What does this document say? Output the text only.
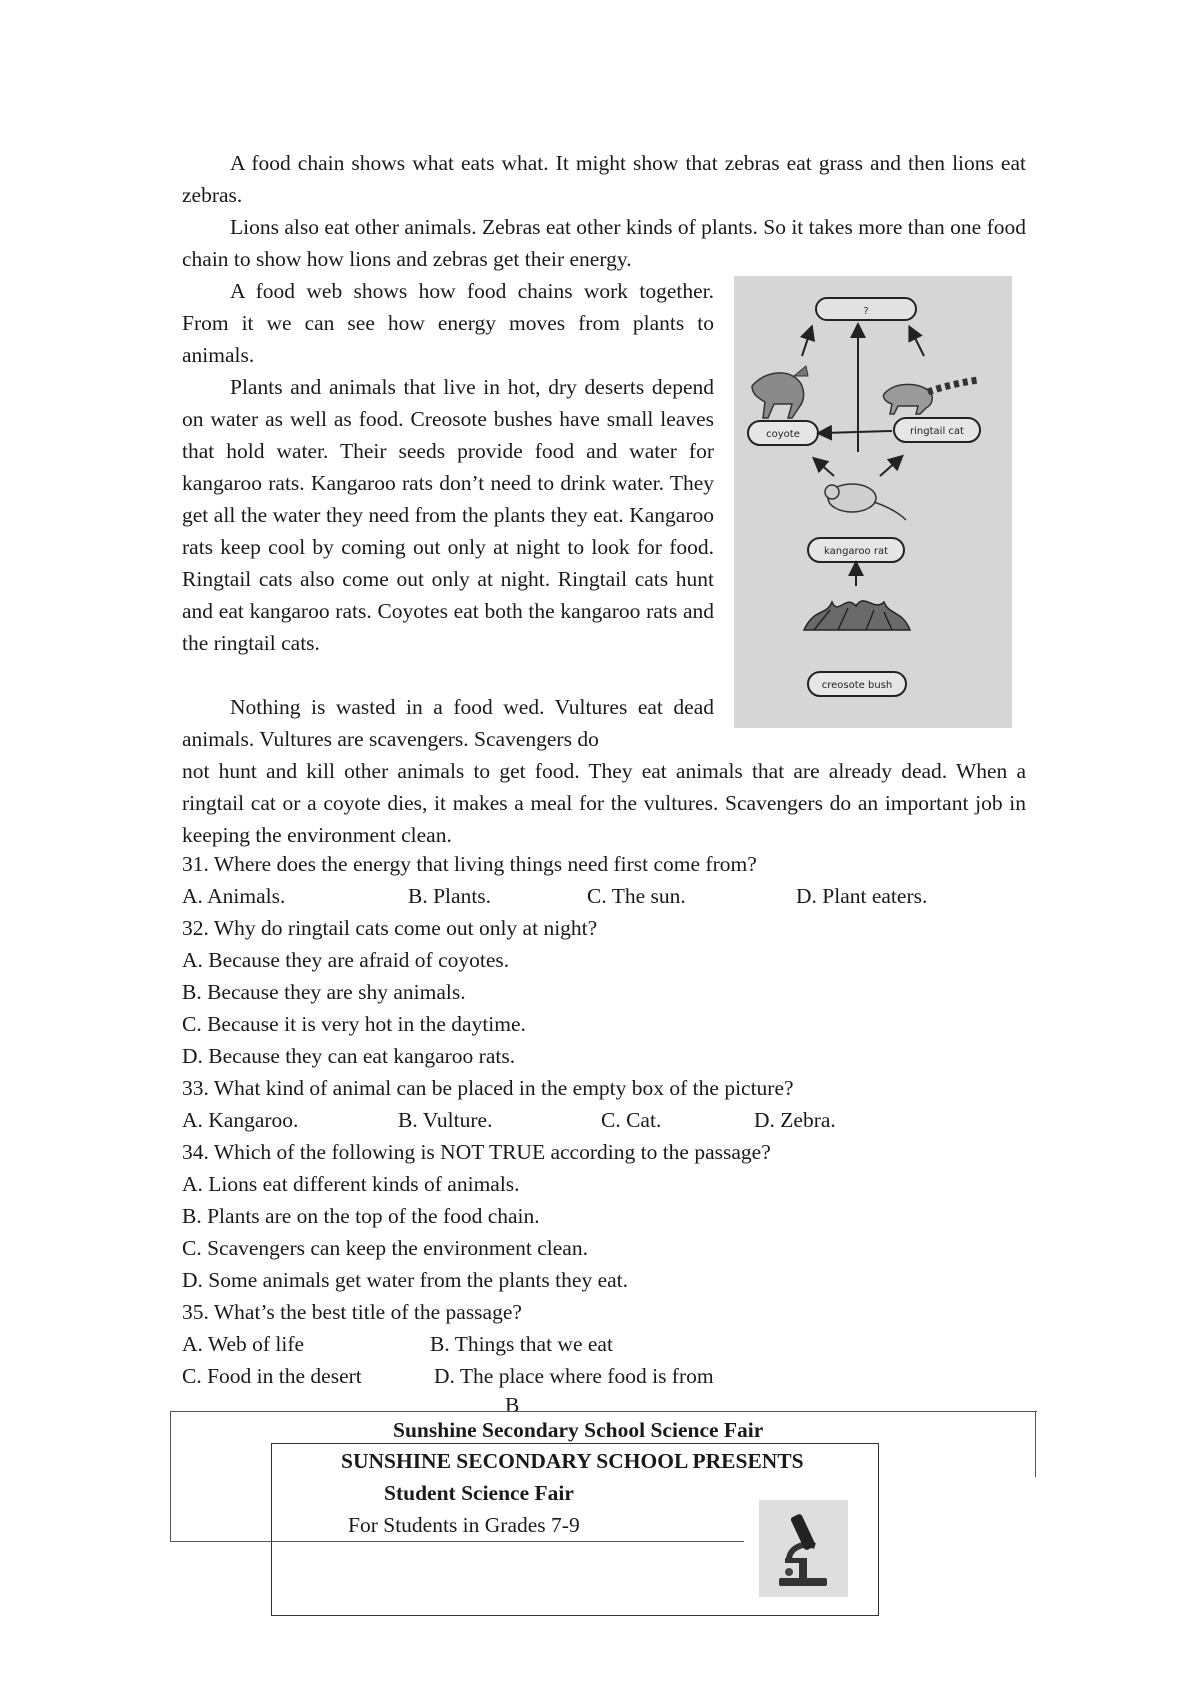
A food chain shows what eats what. It might show that zebras eat grass and then lions eat zebras.

Lions also eat other animals. Zebras eat other kinds of plants. So it takes more than one food chain to show how lions and zebras get their energy.

A food web shows how food chains work together. From it we can see how energy moves from plants to animals.

Plants and animals that live in hot, dry deserts depend on water as well as food. Creosote bushes have small leaves that hold water. Their seeds provide food and water for kangaroo rats. Kangaroo rats don’t need to drink water. They get all the water they need from the plants they eat. Kangaroo rats keep cool by coming out only at night to look for food. Ringtail cats also come out only at night. Ringtail cats hunt and eat kangaroo rats. Coyotes eat both the kangaroo rats and the ringtail cats.

Nothing is wasted in a food wed. Vultures eat dead animals. Vultures are scavengers. Scavengers do

not hunt and kill other animals to get food. They eat animals that are already dead. When a ringtail cat or a coyote dies, it makes a meal for the vultures. Scavengers do an important job in keeping the environment clean.

?
coyote	ringtail cat
kangaroo rat
creosote bush
31. Where does the energy that living things need first come from?
A. Animals.	B. Plants.	C. The sun.	D. Plant eaters.
32. Why do ringtail cats come out only at night?
A. Because they are afraid of coyotes.
B. Because they are shy animals.
C. Because it is very hot in the daytime.
D. Because they can eat kangaroo rats.
33. What kind of animal can be placed in the empty box of the picture?
A. Kangaroo.	B. Vulture.	C. Cat.	D. Zebra.
34. Which of the following is NOT TRUE according to the passage?
A. Lions eat different kinds of animals.
B. Plants are on the top of the food chain.
C. Scavengers can keep the environment clean.
D. Some animals get water from the plants they eat.
35. What’s the best title of the passage?
A. Web of life	B. Things that we eat
C. Food in the desert	D. The place where food is from
B
Sunshine Secondary School Science Fair
SUNSHINE SECONDARY SCHOOL PRESENTS
Student Science Fair
For Students in Grades 7-9
